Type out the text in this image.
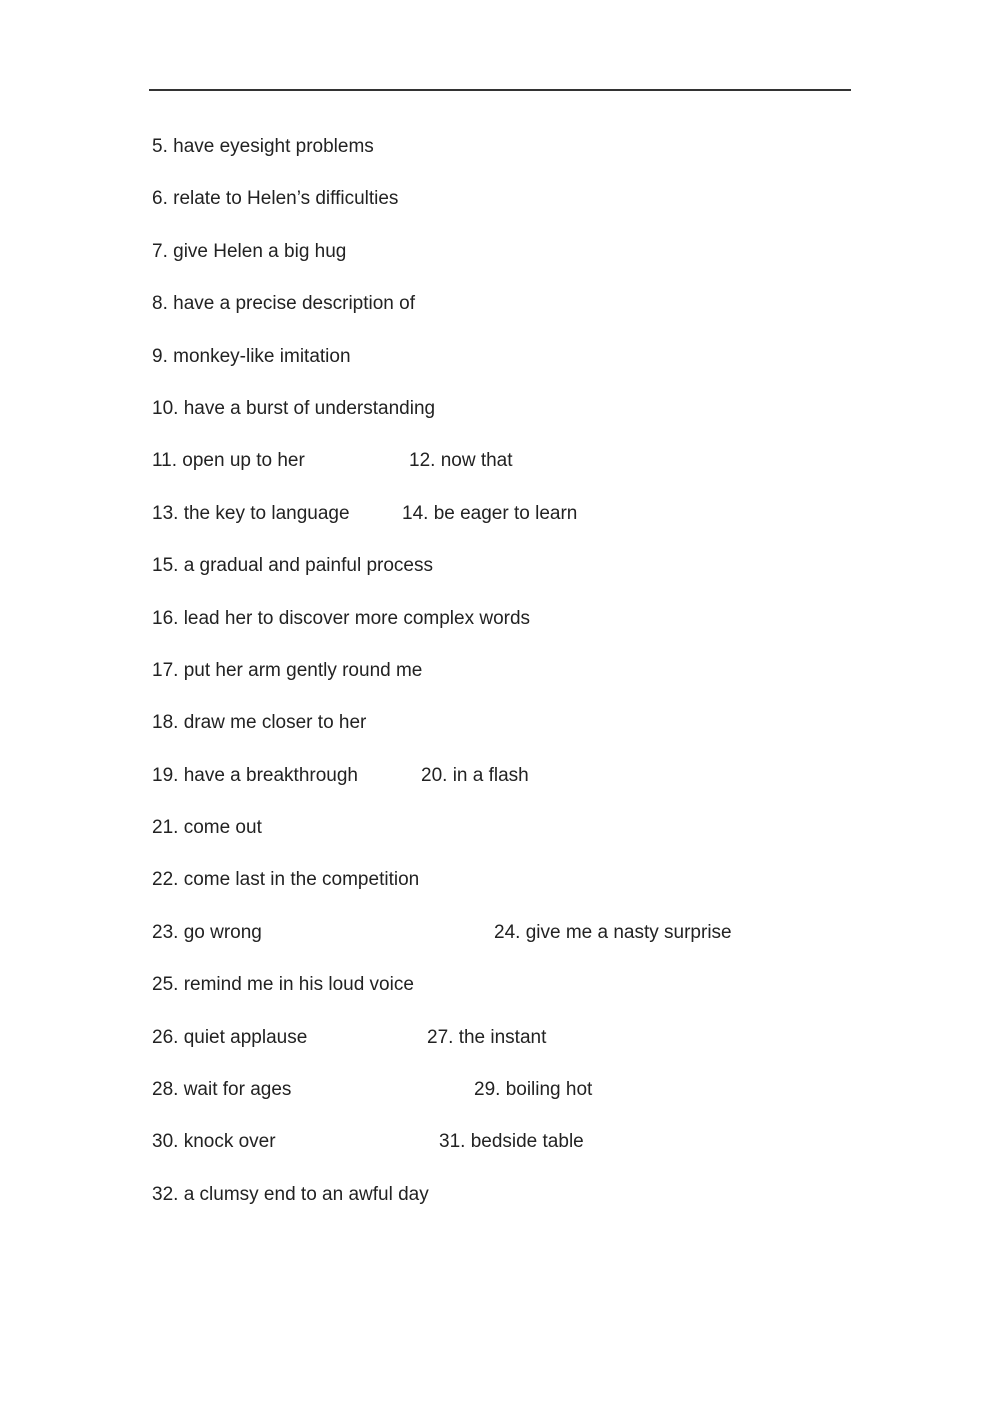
5. have eyesight problems
6. relate to Helen’s difficulties
7. give Helen a big hug
8. have a precise description of
9. monkey-like imitation
10. have a burst of understanding
11. open up to her	12. now that
13. the key to language	14. be eager to learn
15. a gradual and painful process
16. lead her to discover more complex words
17. put her arm gently round me
18. draw me closer to her
19. have a breakthrough	20. in a flash
21. come out
22. come last in the competition
23. go wrong	24. give me a nasty surprise
25. remind me in his loud voice
26. quiet applause	27. the instant
28. wait for ages	29. boiling hot
30. knock over	31. bedside table
32. a clumsy end to an awful day
